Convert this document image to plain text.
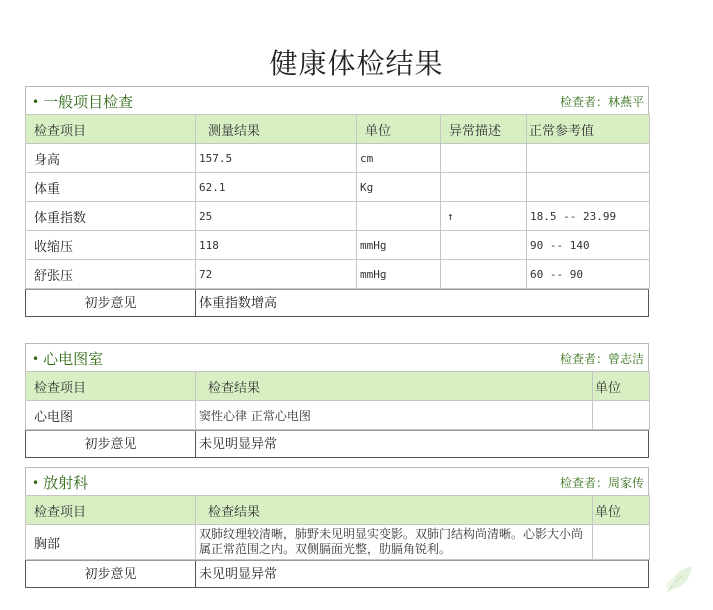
健康体检结果
• 一般项目检查	检查者：林燕平
检查项目	测量结果	单位	异常描述	正常参考值
身高	157.5	cm		
体重	62.1	Kg		
体重指数	25		↑	18.5 -- 23.99
收缩压	118	mmHg		90 -- 140
舒张压	72	mmHg		60 -- 90
初步意见	体重指数增高
• 心电图室	检查者：曾志洁
检查项目	检查结果	单位
心电图	窦性心律 正常心电图	
初步意见	未见明显异常
• 放射科	检查者：周家传
检查项目	检查结果	单位
胸部	双肺纹理较清晰，肺野未见明显实变影。双肺门结构尚清晰。心影大小尚属正常范围之内。双侧膈面光整，肋膈角锐利。	
初步意见	未见明显异常
